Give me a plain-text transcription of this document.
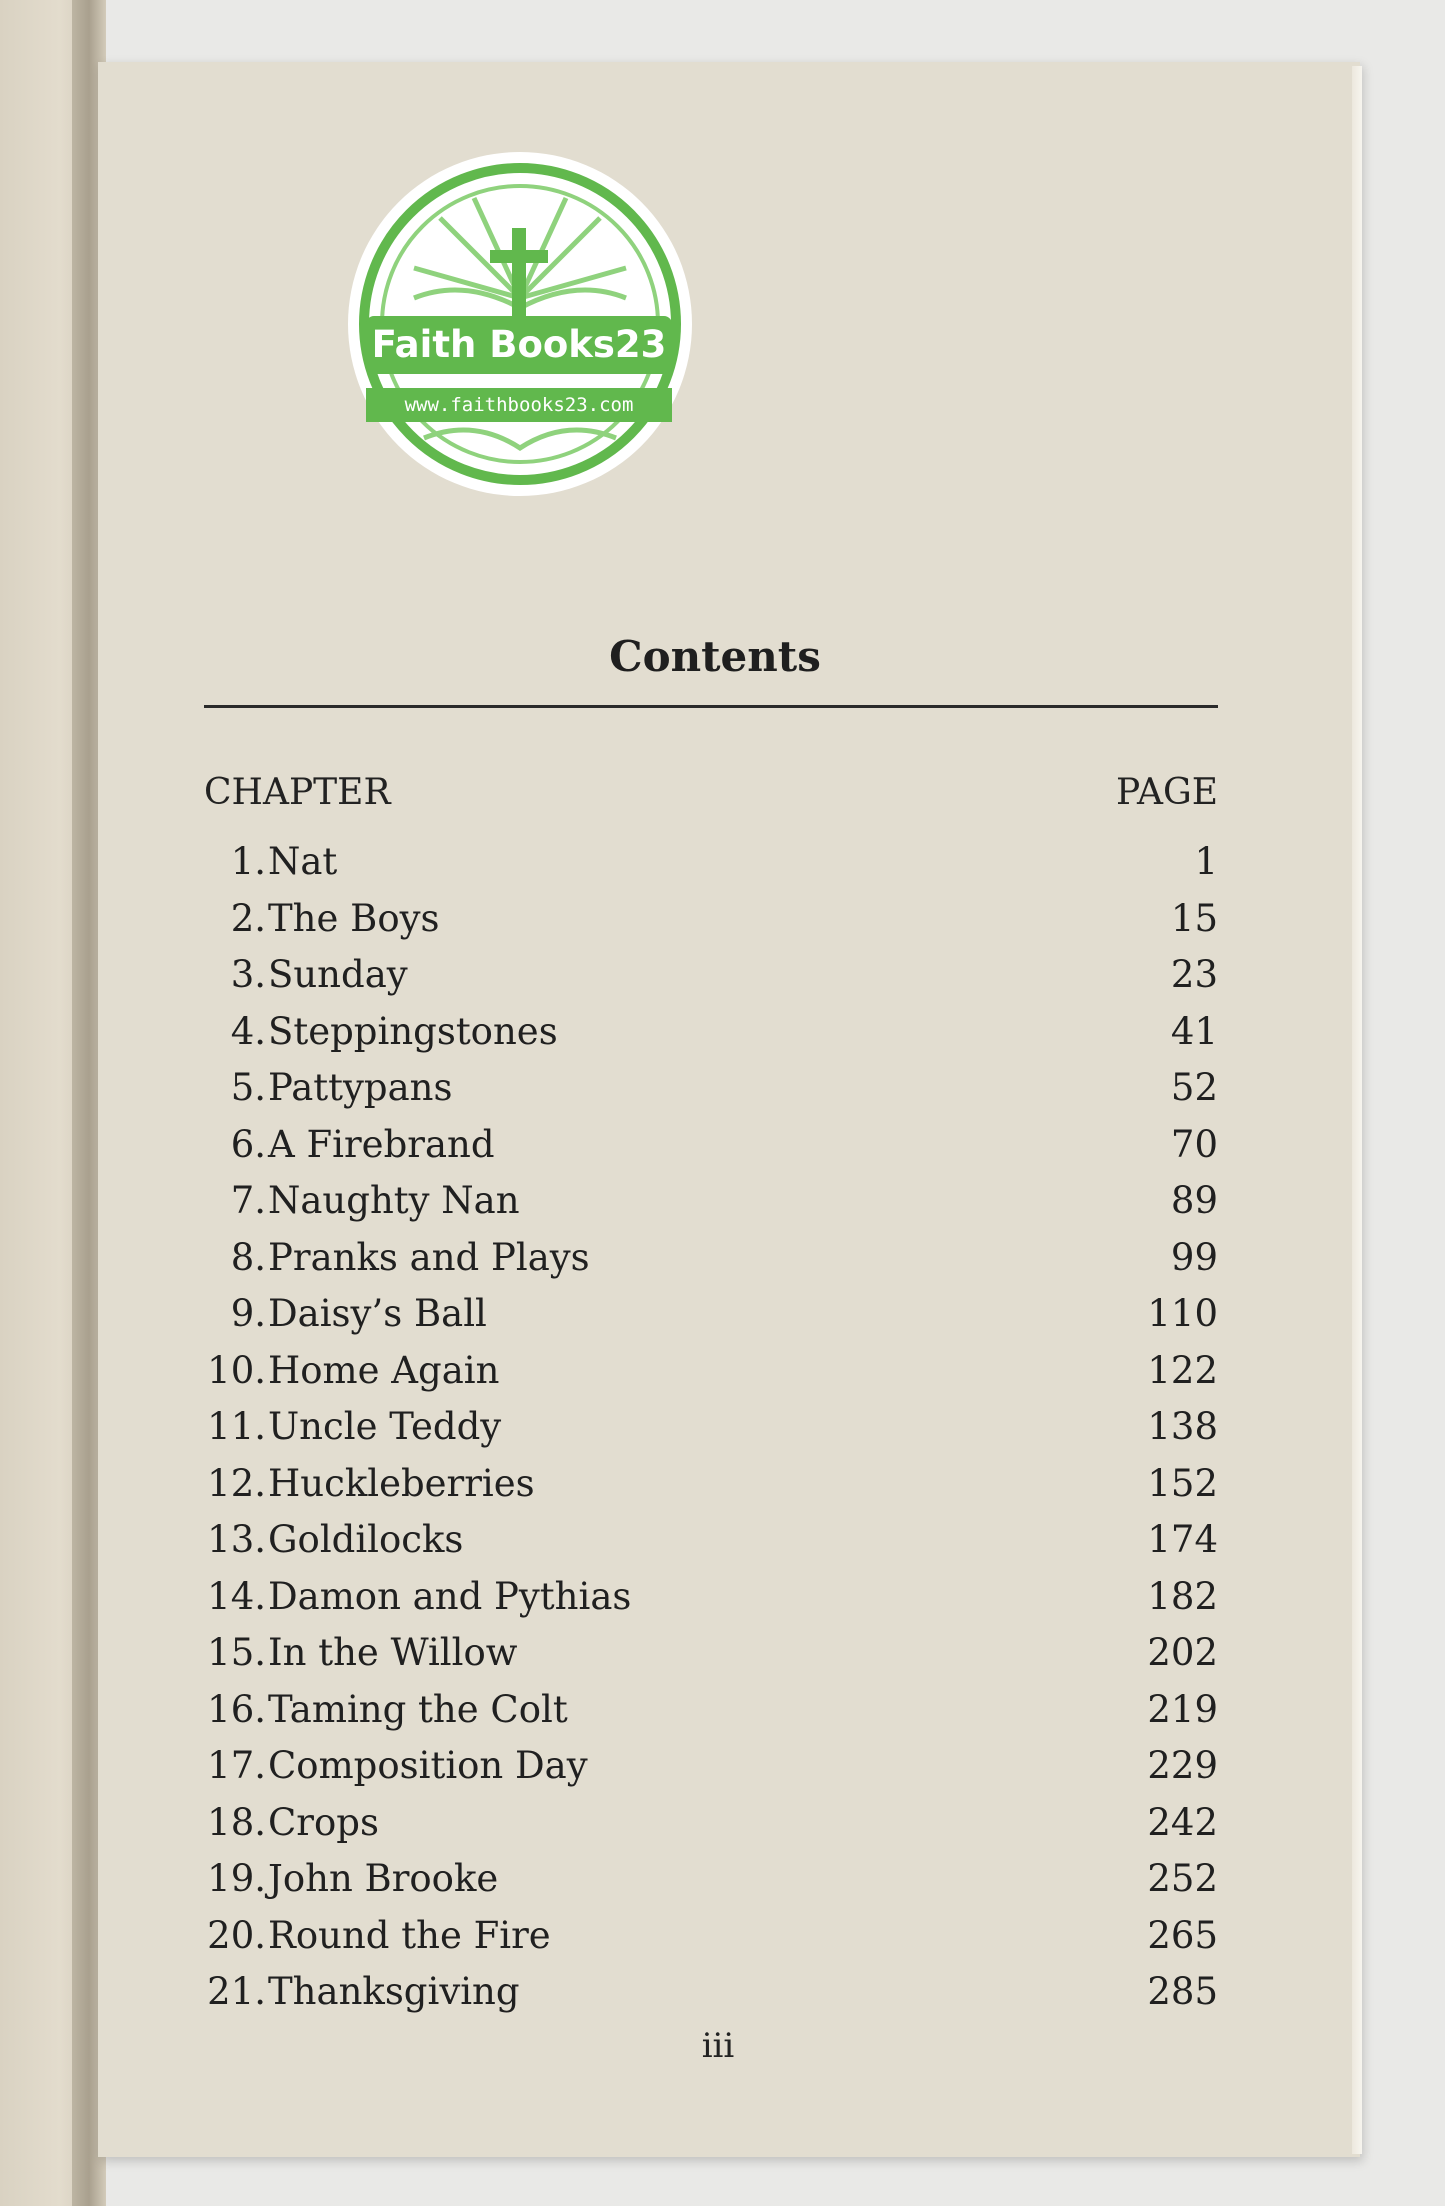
Faith Books23
www.faithbooks23.com
Contents
CHAPTER	PAGE
1. Nat	1
2. The Boys	15
3. Sunday	23
4. Steppingstones	41
5. Pattypans	52
6. A Firebrand	70
7. Naughty Nan	89
8. Pranks and Plays	99
9. Daisy’s Ball	110
10. Home Again	122
11. Uncle Teddy	138
12. Huckleberries	152
13. Goldilocks	174
14. Damon and Pythias	182
15. In the Willow	202
16. Taming the Colt	219
17. Composition Day	229
18. Crops	242
19. John Brooke	252
20. Round the Fire	265
21. Thanksgiving	285
iii
